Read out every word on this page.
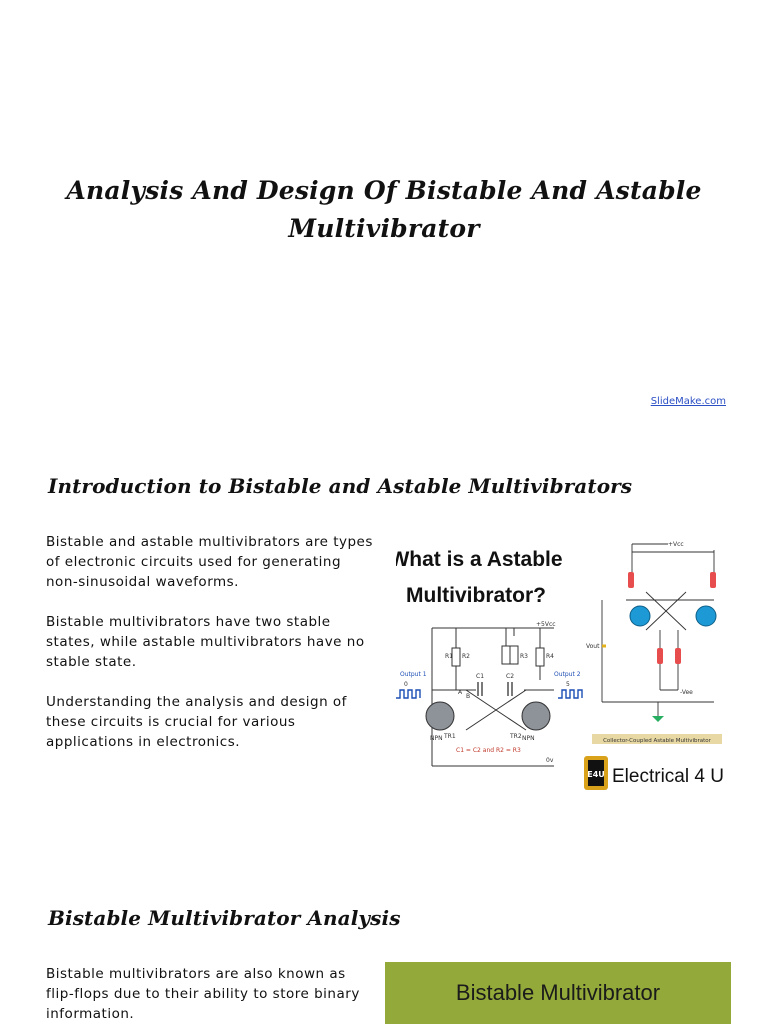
Analysis And Design Of Bistable And Astable Multivibrator
SlideMake.com
Introduction to Bistable and Astable Multivibrators

Bistable and astable multivibrators are types of electronic circuits used for generating non-sinusoidal waveforms.

Bistable multivibrators have two stable states, while astable multivibrators have no stable state.

Understanding the analysis and design of these circuits is crucial for various applications in electronics.

What is a Astable
Multivibrator?
+5Vcc
R1 R2	R3	R4
C1	C2
Output 1	Output 2
0	5
A
B
TR1	TR2
NPN	NPN
C1 = C2 and R2 = R3
0v
+Vcc
-Vee
Vout
Collector-Coupled Astable Multivibrator
E4U Electrical 4 U
Bistable Multivibrator Analysis

Bistable multivibrators are also known as flip-flops due to their ability to store binary information.

Bistable Multivibrator
